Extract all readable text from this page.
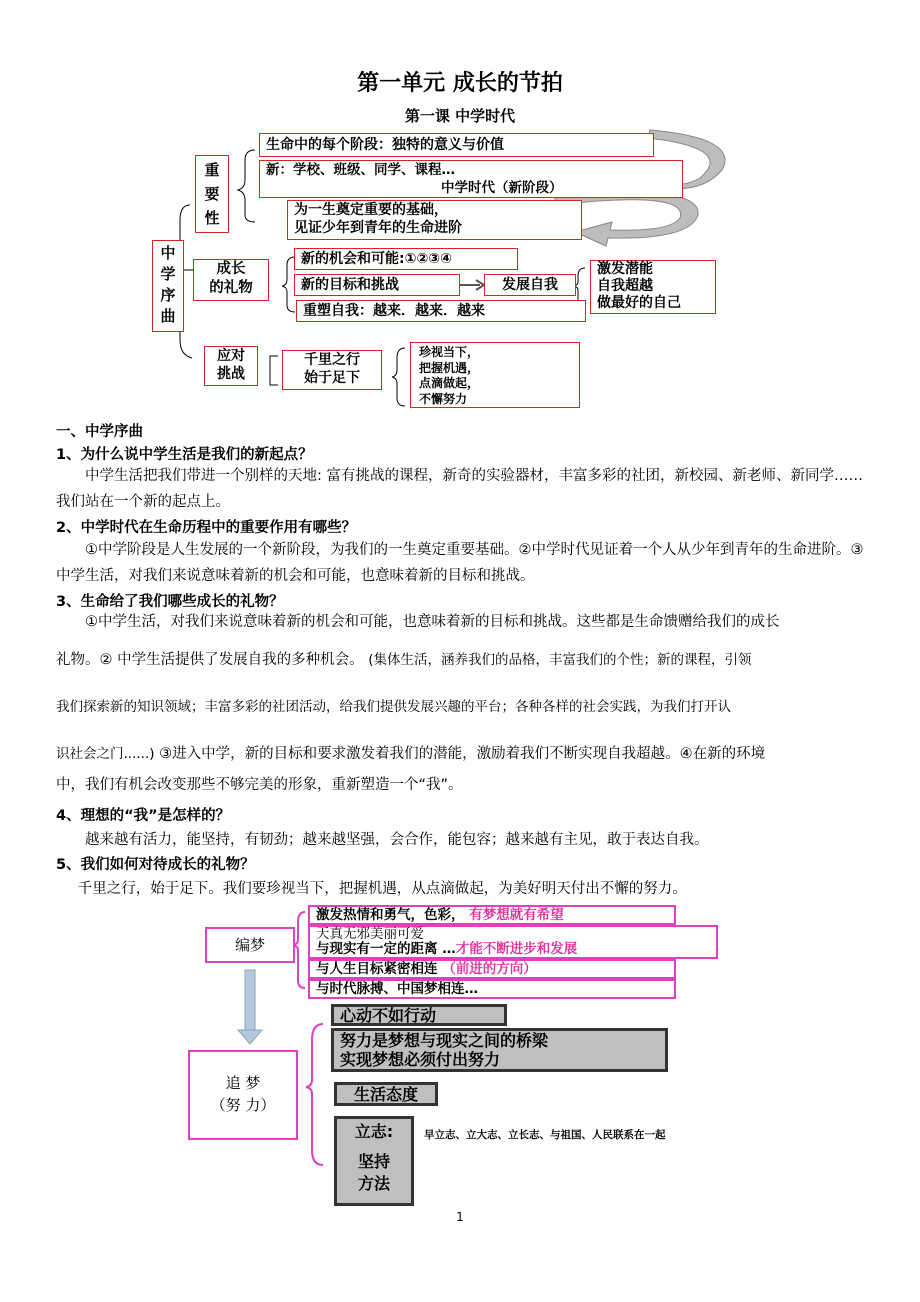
第一单元 成长的节拍
第一课 中学时代
中
学
序
曲
重
要
性
生命中的每个阶段：独特的意义与价值
新：学校、班级、同学、课程…
中学时代（新阶段）
为一生奠定重要的基础，
见证少年到青年的生命进阶
成长
的礼物
新的机会和可能:①②③④
新的目标和挑战	发展自我
重塑自我：越来．越来．越来
激发潜能
自我超越
做最好的自己
应对
挑战
千里之行
始于足下
珍视当下，
把握机遇，
点滴做起，
不懈努力
一、中学序曲
1、为什么说中学生活是我们的新起点？
中学生活把我们带进一个别样的天地: 富有挑战的课程，新奇的实验器材，丰富多彩的社团，新校园、新老师、新同学……我们站在一个新的起点上。
2、中学时代在生命历程中的重要作用有哪些？
①中学阶段是人生发展的一个新阶段，为我们的一生奠定重要基础。②中学时代见证着一个人从少年到青年的生命进阶。③中学生活，对我们来说意味着新的机会和可能，也意味着新的目标和挑战。
3、生命给了我们哪些成长的礼物？
①中学生活，对我们来说意味着新的机会和可能，也意味着新的目标和挑战。这些都是生命馈赠给我们的成长
礼物。② 中学生活提供了发展自我的多种机会。 (集体生活，涵养我们的品格，丰富我们的个性；新的课程，引领
我们探索新的知识领域；丰富多彩的社团活动，给我们提供发展兴趣的平台；各种各样的社会实践，为我们打开认
识社会之门......) ③进入中学，新的目标和要求激发着我们的潜能，激励着我们不断实现自我超越。④在新的环境
中，我们有机会改变那些不够完美的形象，重新塑造一个“我”。
4、理想的“我”是怎样的？
越来越有活力，能坚持，有韧劲；越来越坚强，会合作，能包容；越来越有主见，敢于表达自我。
5、我们如何对待成长的礼物？
千里之行，始于足下。我们要珍视当下，把握机遇，从点滴做起，为美好明天付出不懈的努力。
编梦
激发热情和勇气，色彩， 有梦想就有希望
天真无邪美丽可爱
与现实有一定的距离 …才能不断进步和发展
与人生目标紧密相连 （前进的方向）
与时代脉搏、中国梦相连…
追 梦
（努 力）
心动不如行动
努力是梦想与现实之间的桥梁
实现梦想必须付出努力
生活态度
立志:
坚持
方法
早立志、立大志、立长志、与祖国、人民联系在一起
1
